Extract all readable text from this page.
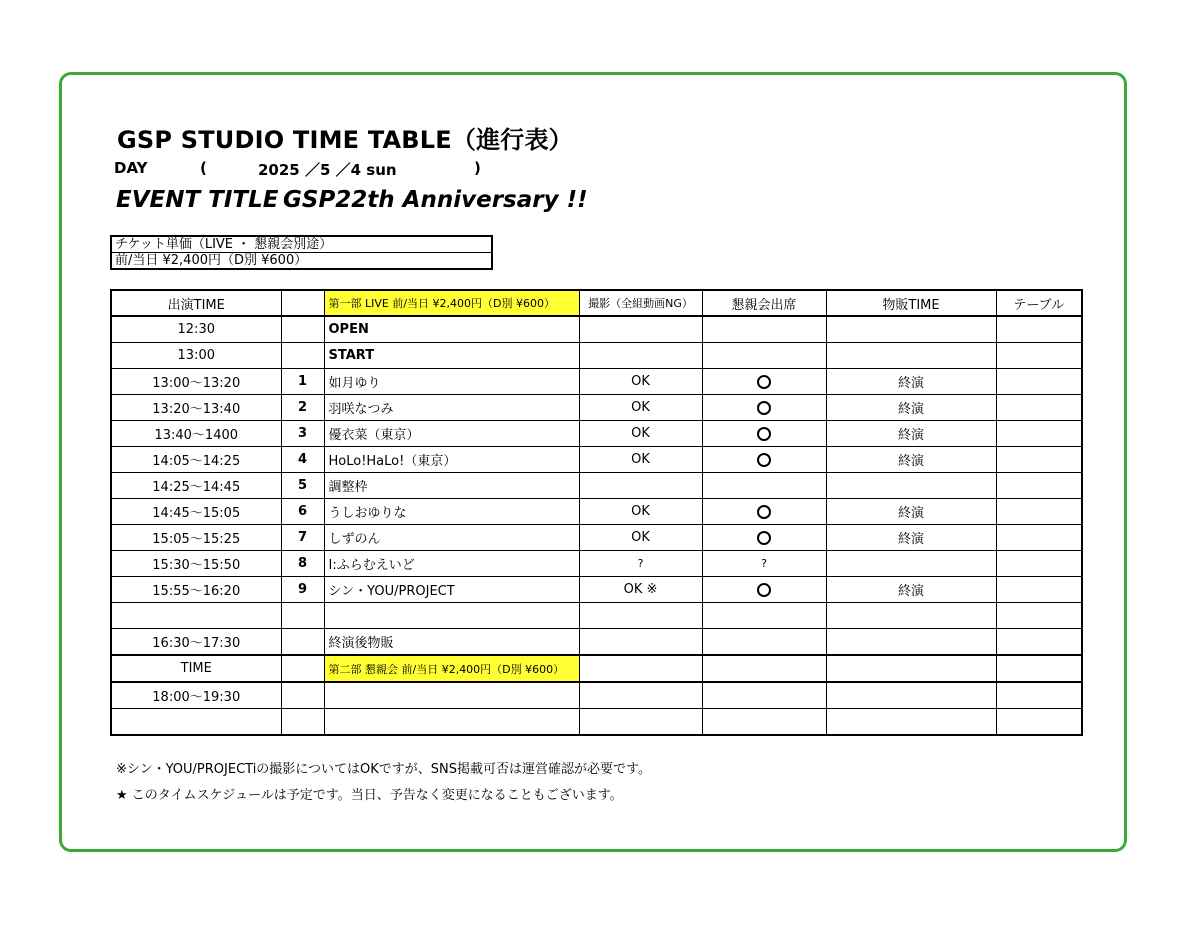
GSP STUDIO TIME TABLE（進行表）
DAY	(	2025 ／5 ／4 sun	)
EVENT TITLE GSP22th Anniversary !!
チケット単価（LIVE ・ 懇親会別途）
前/当日 ¥2,400円（D別 ¥600）
出演TIME		第一部 LIVE 前/当日 ¥2,400円（D別 ¥600）	撮影（全組動画NG）	懇親会出席	物販TIME	テーブル
12:30		OPEN				
13:00		START				
13:00〜13:20	1	如月ゆり	OK		終演	
13:20〜13:40	2	羽咲なつみ	OK		終演	
13:40〜1400	3	優衣菜（東京）	OK		終演	
14:05〜14:25	4	HoLo!HaLo!（東京）	OK		終演	
14:25〜14:45	5	調整枠				
14:45〜15:05	6	うしおゆりな	OK		終演	
15:05〜15:25	7	しずのん	OK		終演	
15:30〜15:50	8	I:ふらむえいど	?	?		
15:55〜16:20	9	シン・YOU/PROJECT	OK ※		終演	

16:30〜17:30		終演後物販				
TIME		第二部 懇親会 前/当日 ¥2,400円（D別 ¥600）				
18:00〜19:30						

※シン・YOU/PROJECTiの撮影についてはOKですが、SNS掲載可否は運営確認が必要です。
★ このタイムスケジュールは予定です。当日、予告なく変更になることもございます。
